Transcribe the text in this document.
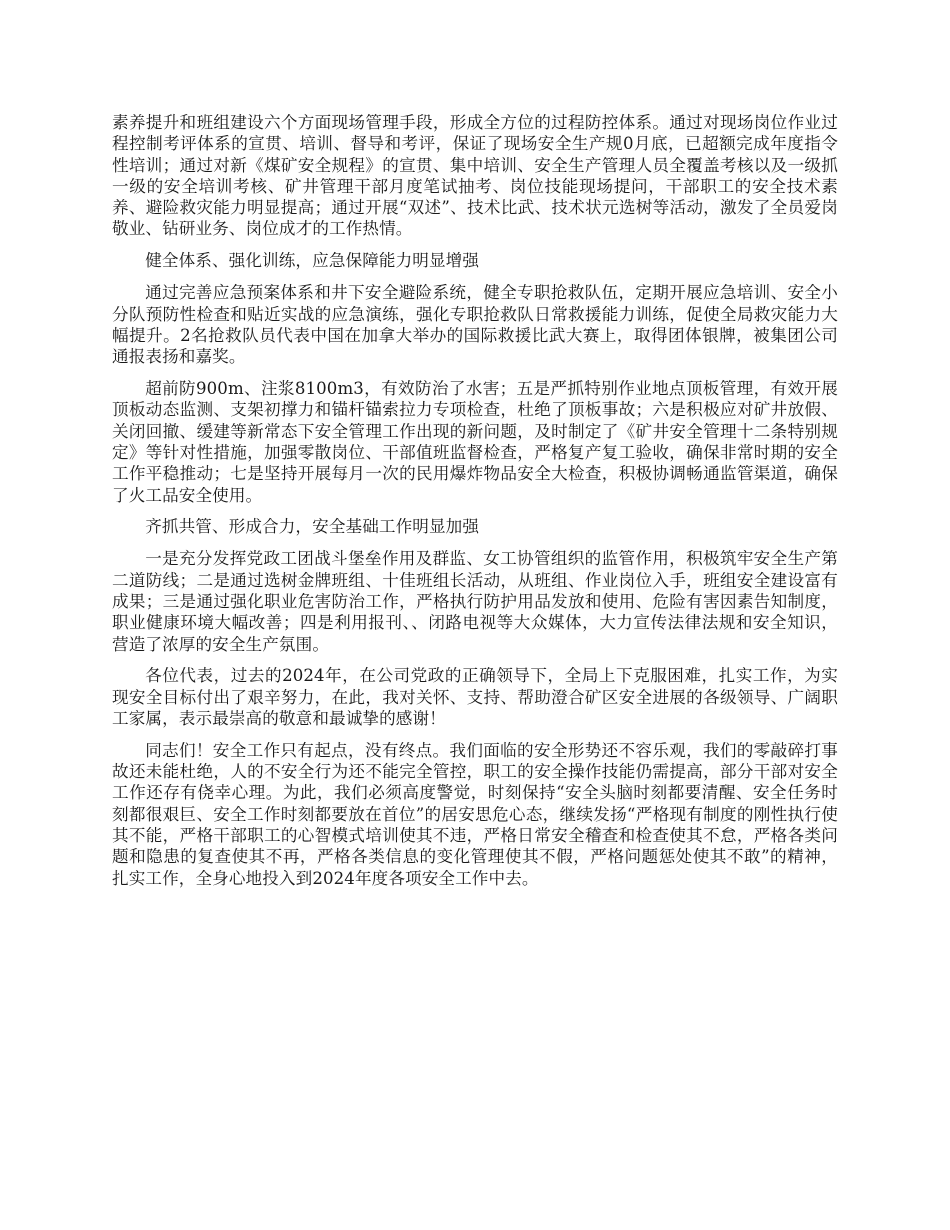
素养提升和班组建设六个方面现场管理手段，形成全方位的过程防控体系。通过对现场岗位作业过程控制考评体系的宣贯、培训、督导和考评，保证了现场安全生产规0月底，已超额完成年度指令性培训；通过对新《煤矿安全规程》的宣贯、集中培训、安全生产管理人员全覆盖考核以及一级抓一级的安全培训考核、矿井管理干部月度笔试抽考、岗位技能现场提问，干部职工的安全技术素养、避险救灾能力明显提高；通过开展“双述”、技术比武、技术状元选树等活动，激发了全员爱岗敬业、钻研业务、岗位成才的工作热情。

健全体系、强化训练，应急保障能力明显增强

通过完善应急预案体系和井下安全避险系统，健全专职抢救队伍，定期开展应急培训、安全小分队预防性检查和贴近实战的应急演练，强化专职抢救队日常救援能力训练，促使全局救灾能力大幅提升。2名抢救队员代表中国在加拿大举办的国际救援比武大赛上，取得团体银牌，被集团公司通报表扬和嘉奖。

超前防900m、注浆8100m3，有效防治了水害；五是严抓特别作业地点顶板管理，有效开展顶板动态监测、支架初撑力和锚杆锚索拉力专项检查，杜绝了顶板事故；六是积极应对矿井放假、关闭回撤、缓建等新常态下安全管理工作出现的新问题，及时制定了《矿井安全管理十二条特别规定》等针对性措施，加强零散岗位、干部值班监督检查，严格复产复工验收，确保非常时期的安全工作平稳推动；七是坚持开展每月一次的民用爆炸物品安全大检查，积极协调畅通监管渠道，确保了火工品安全使用。

齐抓共管、形成合力，安全基础工作明显加强

一是充分发挥党政工团战斗堡垒作用及群监、女工协管组织的监管作用，积极筑牢安全生产第二道防线；二是通过选树金牌班组、十佳班组长活动，从班组、作业岗位入手，班组安全建设富有成果；三是通过强化职业危害防治工作，严格执行防护用品发放和使用、危险有害因素告知制度，职业健康环境大幅改善；四是利用报刊、、闭路电视等大众媒体，大力宣传法律法规和安全知识，营造了浓厚的安全生产氛围。

各位代表，过去的2024年，在公司党政的正确领导下，全局上下克服困难，扎实工作，为实现安全目标付出了艰辛努力，在此，我对关怀、支持、帮助澄合矿区安全进展的各级领导、广阔职工家属，表示最崇高的敬意和最诚挚的感谢！

同志们！安全工作只有起点，没有终点。我们面临的安全形势还不容乐观，我们的零敲碎打事故还未能杜绝，人的不安全行为还不能完全管控，职工的安全操作技能仍需提高，部分干部对安全工作还存有侥幸心理。为此，我们必须高度警觉，时刻保持“安全头脑时刻都要清醒、安全任务时刻都很艰巨、安全工作时刻都要放在首位”的居安思危心态，继续发扬“严格现有制度的刚性执行使其不能，严格干部职工的心智模式培训使其不违，严格日常安全稽查和检查使其不怠，严格各类问题和隐患的复查使其不再，严格各类信息的变化管理使其不假，严格问题惩处使其不敢”的精神，扎实工作，全身心地投入到2024年度各项安全工作中去。
